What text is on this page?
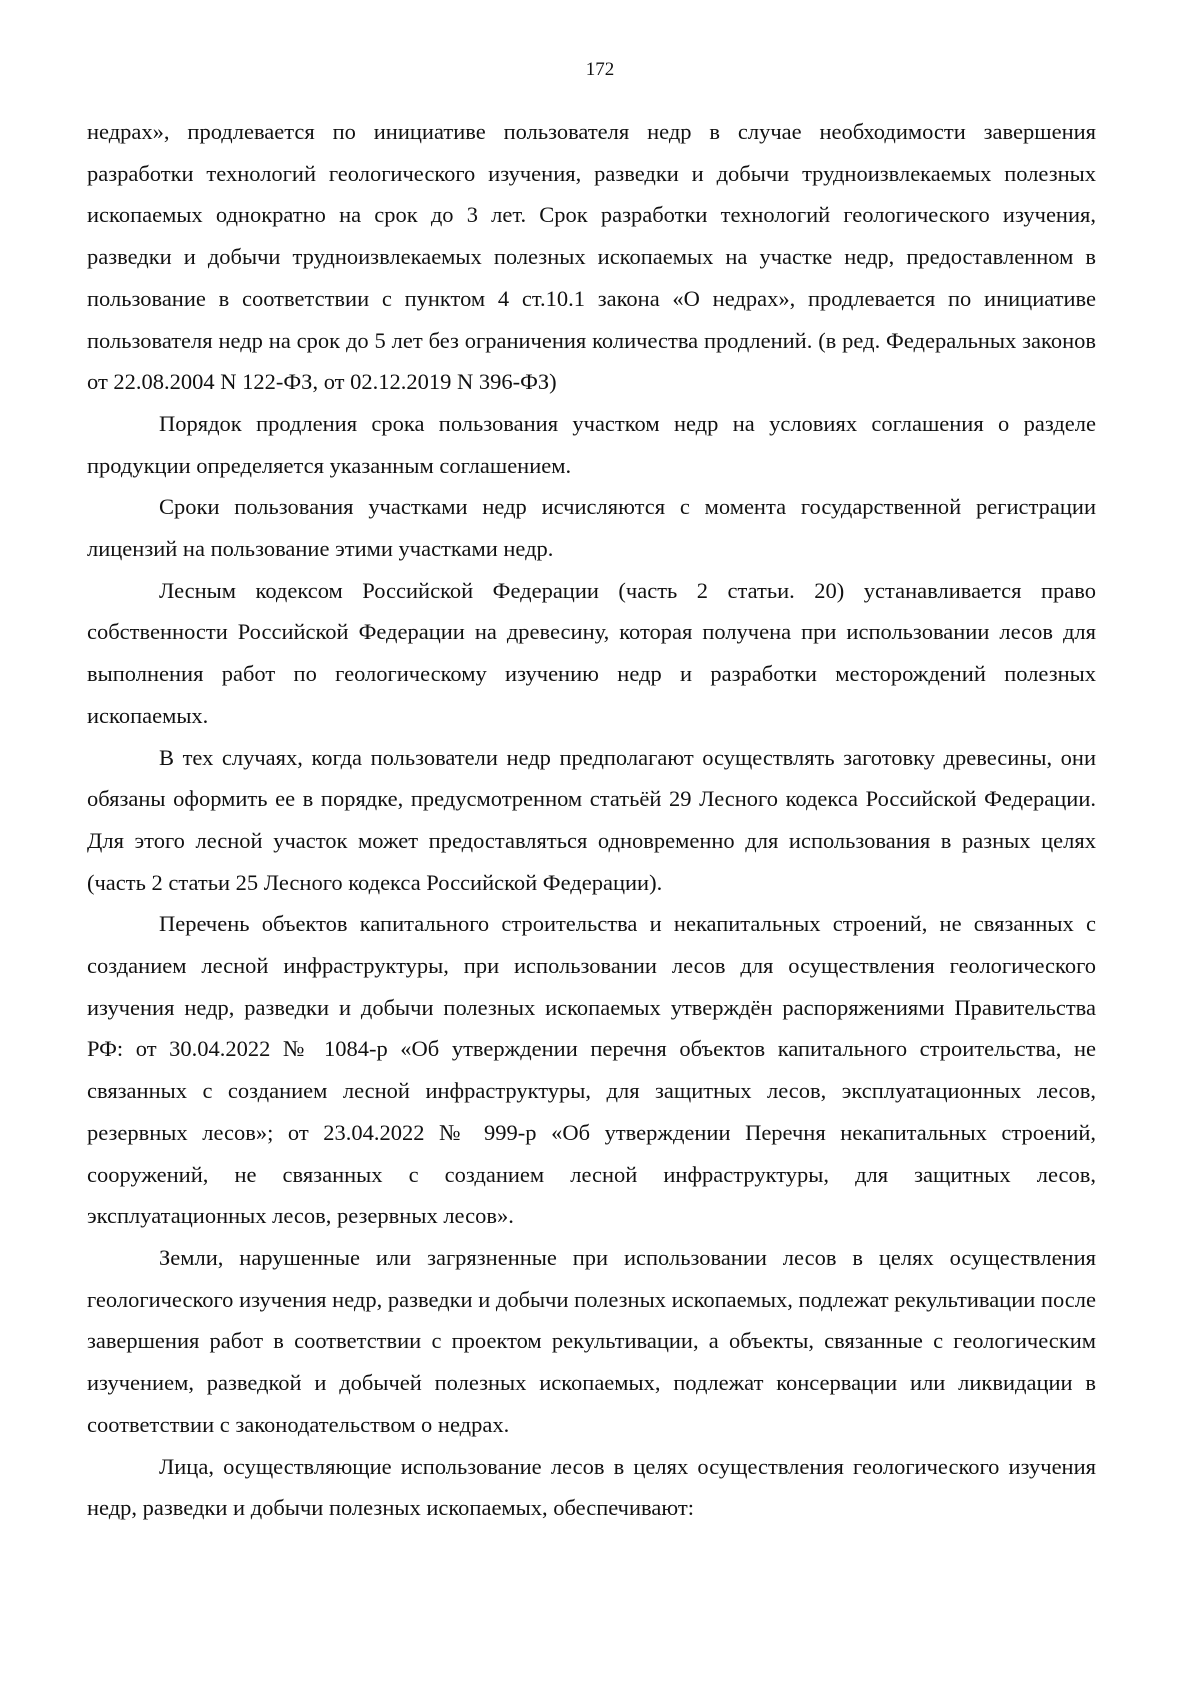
172

недрах», продлевается по инициативе пользователя недр в случае необходимости завершения разработки технологий геологического изучения, разведки и добычи трудноизвлекаемых полезных ископаемых однократно на срок до 3 лет. Срок разработки технологий геологического изучения, разведки и добычи трудноизвлекаемых полезных ископаемых на участке недр, предоставленном в пользование в соответствии с пунктом 4 ст.10.1 закона «О недрах», продлевается по инициативе пользователя недр на срок до 5 лет без ограничения количества продлений. (в ред. Федеральных законов от 22.08.2004 N 122-ФЗ, от 02.12.2019 N 396-ФЗ)

Порядок продления срока пользования участком недр на условиях соглашения о разделе продукции определяется указанным соглашением.

Сроки пользования участками недр исчисляются с момента государственной регистрации лицензий на пользование этими участками недр.

Лесным кодексом Российской Федерации (часть 2 статьи. 20) устанавливается право собственности Российской Федерации на древесину, которая получена при использовании лесов для выполнения работ по геологическому изучению недр и разработки месторождений полезных ископаемых.

В тех случаях, когда пользователи недр предполагают осуществлять заготовку древесины, они обязаны оформить ее в порядке, предусмотренном статьёй 29 Лесного кодекса Российской Федерации. Для этого лесной участок может предоставляться одновременно для использования в разных целях (часть 2 статьи 25 Лесного кодекса Российской Федерации).

Перечень объектов капитального строительства и некапитальных строений, не связанных с созданием лесной инфраструктуры, при использовании лесов для осуществления геологического изучения недр, разведки и добычи полезных ископаемых утверждён распоряжениями Правительства РФ: от 30.04.2022 № 1084-р «Об утверждении перечня объектов капитального строительства, не связанных с созданием лесной инфраструктуры, для защитных лесов, эксплуатационных лесов, резервных лесов»; от 23.04.2022 № 999-р «Об утверждении Перечня некапитальных строений, сооружений, не связанных с созданием лесной инфраструктуры, для защитных лесов, эксплуатационных лесов, резервных лесов».

Земли, нарушенные или загрязненные при использовании лесов в целях осуществления геологического изучения недр, разведки и добычи полезных ископаемых, подлежат рекультивации после завершения работ в соответствии с проектом рекультивации, а объекты, связанные с геологическим изучением, разведкой и добычей полезных ископаемых, подлежат консервации или ликвидации в соответствии с законодательством о недрах.

Лица, осуществляющие использование лесов в целях осуществления геологического изучения недр, разведки и добычи полезных ископаемых, обеспечивают:
